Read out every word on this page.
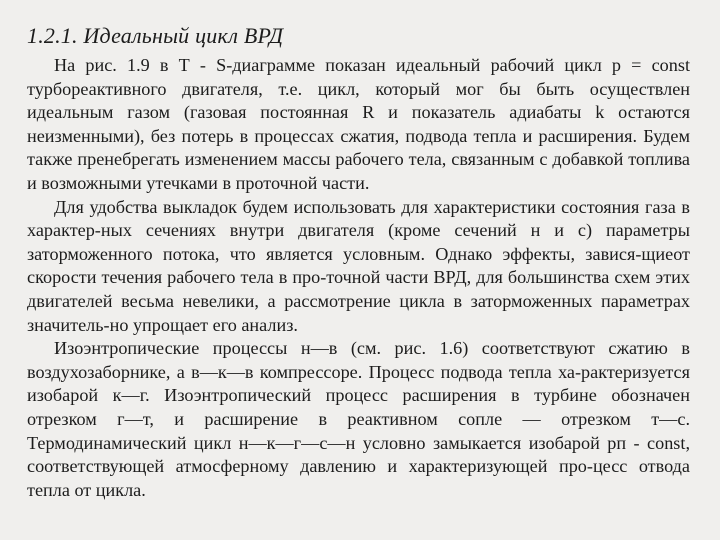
1.2.1. Идеальный цикл ВРД

На рис. 1.9 в Т - S-диаграмме показан идеальный рабочий цикл р = const турбореактивного двигателя, т.е. цикл, который мог бы быть осуществлен идеальным газом (газовая постоянная R и показатель адиабаты k остаются неизменными), без потерь в процессах сжатия, подвода тепла и расширения. Будем также пренебрегать изменением массы рабочего тела, связанным с добавкой топлива и возможными утечками в проточной части.

Для удобства выкладок будем использовать для характеристики состояния газа в характер-ных сечениях внутри двигателя (кроме сечений н и с) параметры заторможенного потока, что является условным. Однако эффекты, завися-щиеот скорости течения рабочего тела в про-точной части ВРД, для большинства схем этих двигателей весьма невелики, а рассмотрение цикла в заторможенных параметрах значитель-но упрощает его анализ.

Изоэнтропические процессы н—в (см. рис. 1.6) соответствуют сжатию в воздухозаборнике, а в—к—в компрессоре. Процесс подвода тепла ха-рактеризуется изобарой к—г. Изоэнтропический процесс расширения в турбине обозначен отрезком г—т, и расширение в реактивном сопле — отрезком т—с. Термодинамический цикл н—к—г—с—н условно замыкается изобарой рп - const, соответствующей атмосферному давлению и характеризующей про-цесс отвода тепла от цикла.
